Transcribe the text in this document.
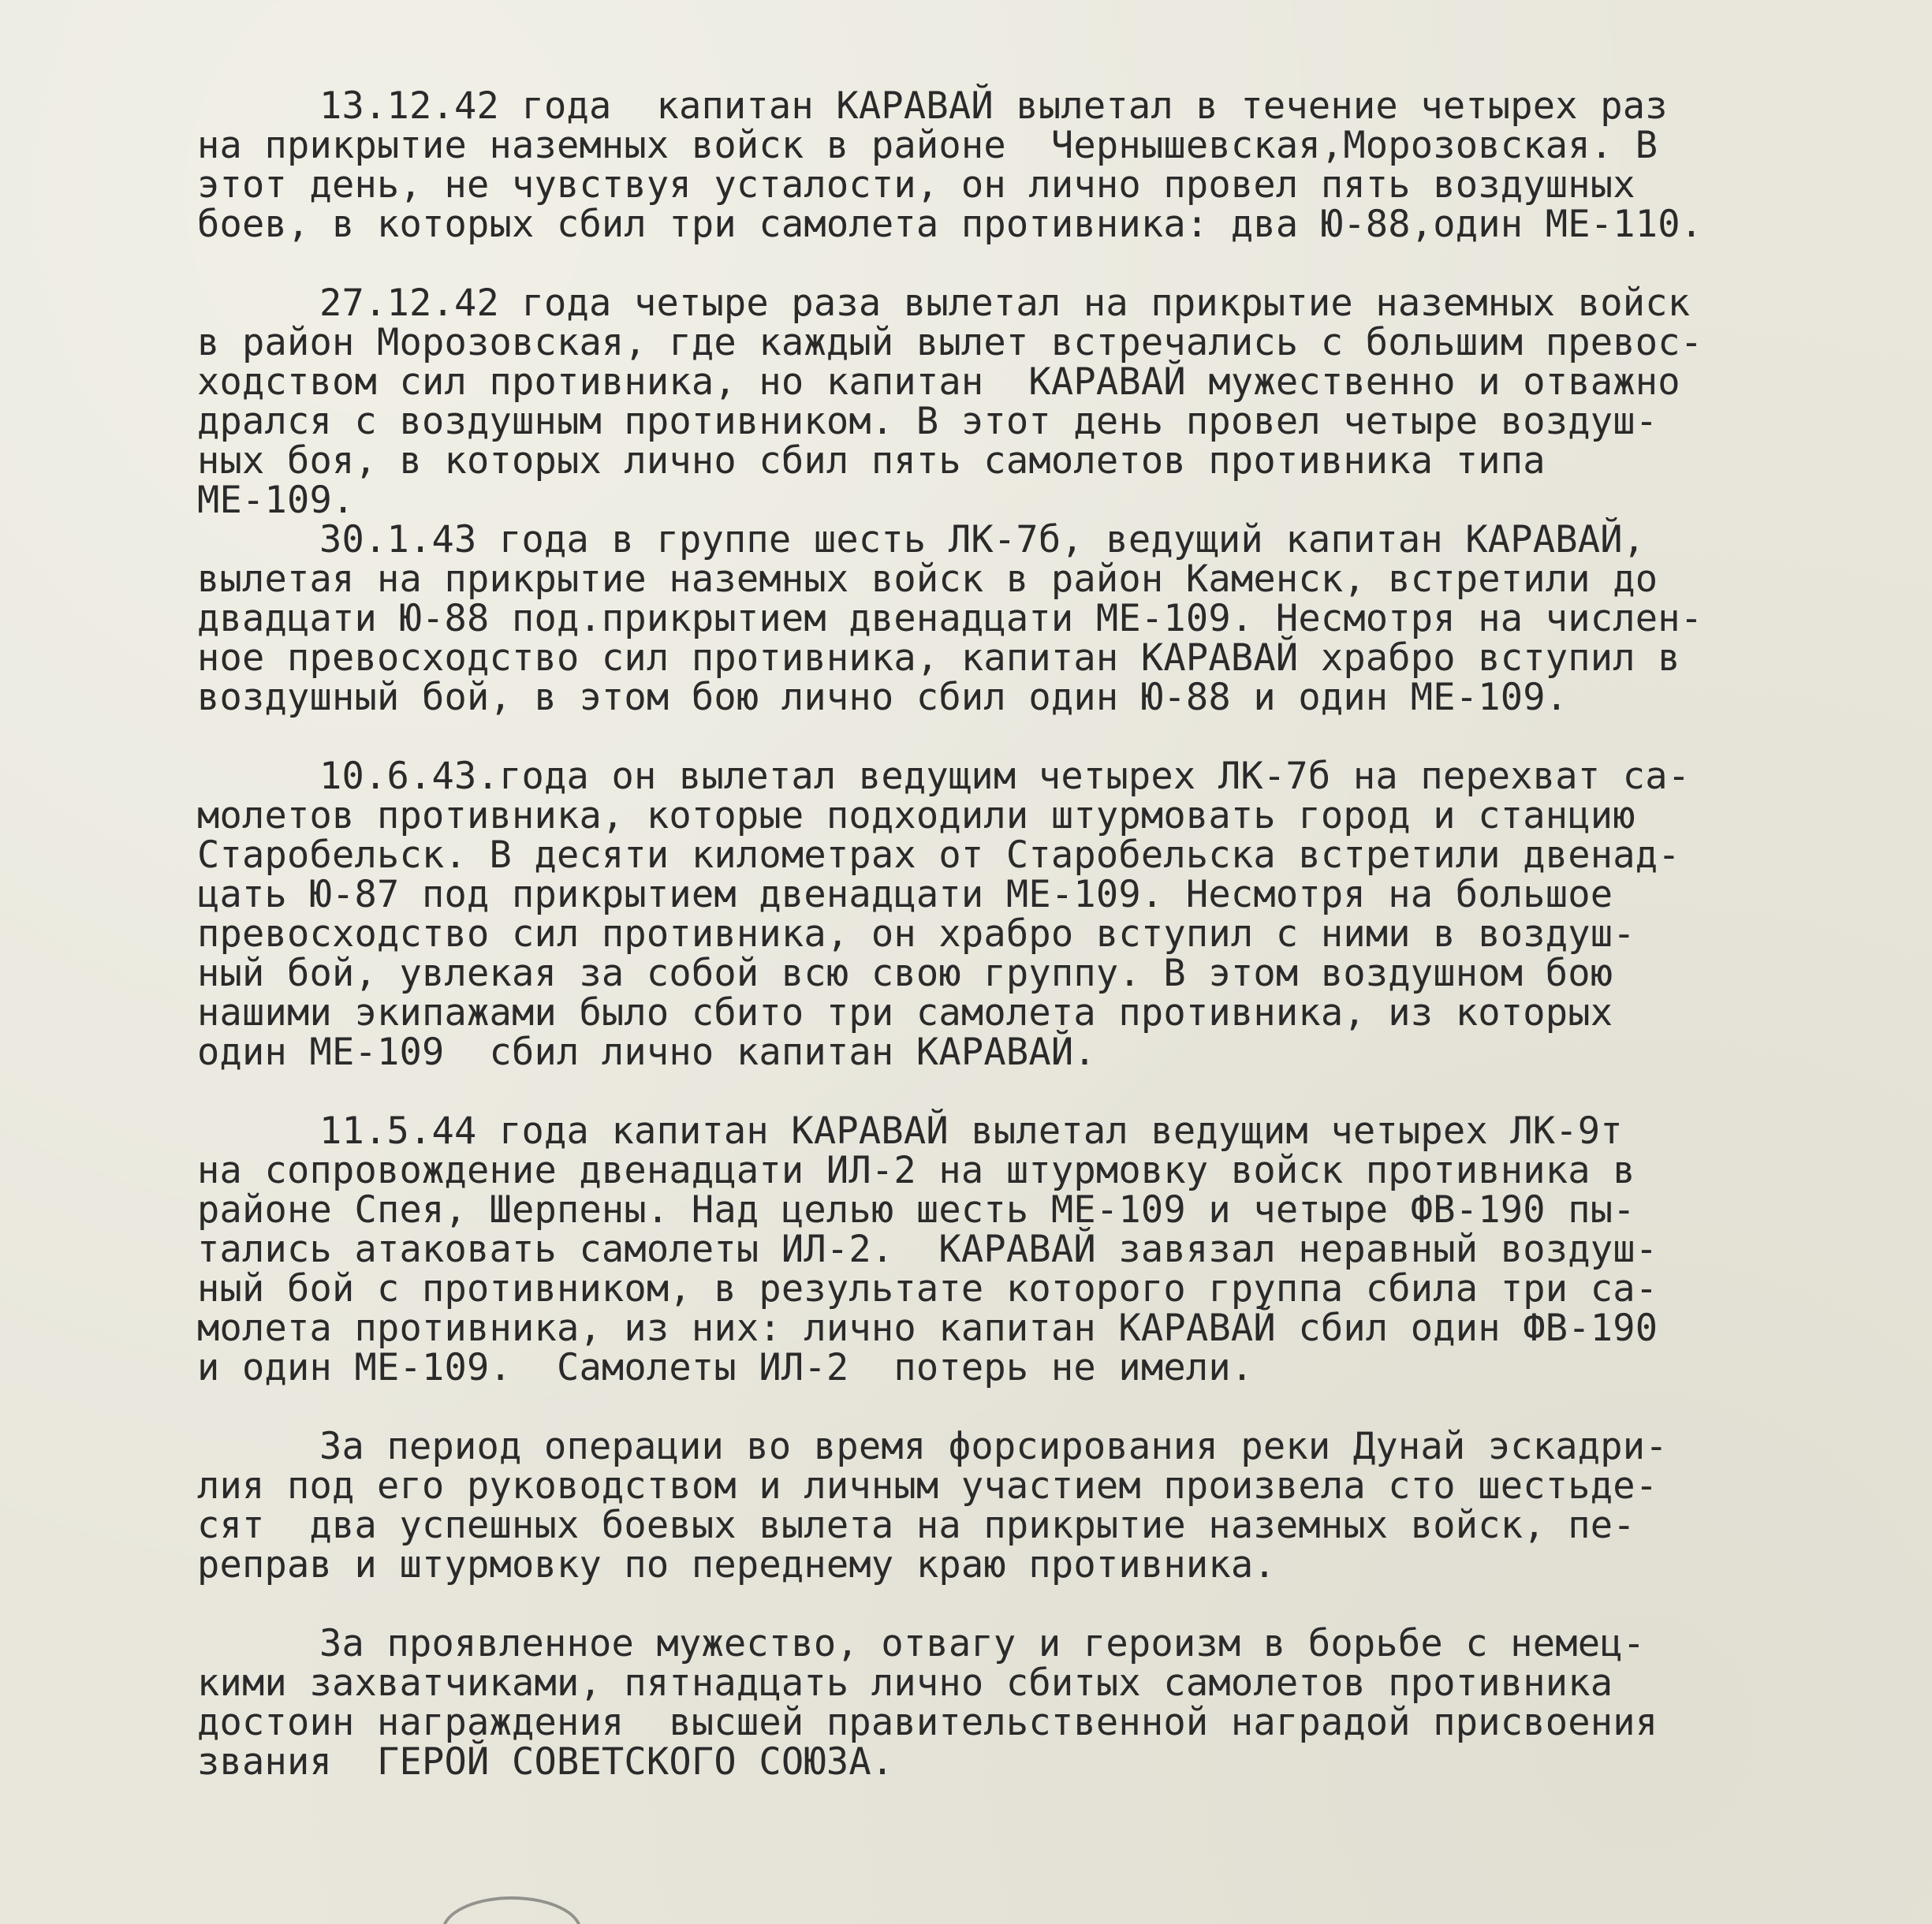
13.12.42 года  капитан КАРАВАЙ вылетал в течение четырех раз
на прикрытие наземных войск в районе  Чернышевская,Морозовская. В
этот день, не чувствуя усталости, он лично провел пять воздушных
боев, в которых сбил три самолета противника: два Ю-88,один МЕ-110.
27.12.42 года четыре раза вылетал на прикрытие наземных войск
в район Морозовская, где каждый вылет встречались с большим превос-
ходством сил противника, но капитан  КАРАВАЙ мужественно и отважно
дрался с воздушным противником. В этот день провел четыре воздуш-
ных боя, в которых лично сбил пять самолетов противника типа
МЕ-109.
30.1.43 года в группе шесть ЛК-7б, ведущий капитан КАРАВАЙ,
вылетая на прикрытие наземных войск в район Каменск, встретили до
двадцати Ю-88 под.прикрытием двенадцати МЕ-109. Несмотря на числен-
ное превосходство сил противника, капитан КАРАВАЙ храбро вступил в
воздушный бой, в этом бою лично сбил один Ю-88 и один МЕ-109.
10.6.43.года он вылетал ведущим четырех ЛК-7б на перехват са-
молетов противника, которые подходили штурмовать город и станцию
Старобельск. В десяти километрах от Старобельска встретили двенад-
цать Ю-87 под прикрытием двенадцати МЕ-109. Несмотря на большое
превосходство сил противника, он храбро вступил с ними в воздуш-
ный бой, увлекая за собой всю свою группу. В этом воздушном бою
нашими экипажами было сбито три самолета противника, из которых
один МЕ-109  сбил лично капитан КАРАВАЙ.
11.5.44 года капитан КАРАВАЙ вылетал ведущим четырех ЛК-9т
на сопровождение двенадцати ИЛ-2 на штурмовку войск противника в
районе Спея, Шерпены. Над целью шесть МЕ-109 и четыре ФВ-190 пы-
тались атаковать самолеты ИЛ-2.  КАРАВАЙ завязал неравный воздуш-
ный бой с противником, в результате которого группа сбила три са-
молета противника, из них: лично капитан КАРАВАЙ сбил один ФВ-190
и один МЕ-109.  Самолеты ИЛ-2  потерь не имели.
За период операции во время форсирования реки Дунай эскадри-
лия под его руководством и личным участием произвела сто шестьде-
сят  два успешных боевых вылета на прикрытие наземных войск, пе-
реправ и штурмовку по переднему краю противника.
За проявленное мужество, отвагу и героизм в борьбе с немец-
кими захватчиками, пятнадцать лично сбитых самолетов противника
достоин награждения  высшей правительственной наградой присвоения
звания  ГЕРОЙ СОВЕТСКОГО СОЮЗА.
